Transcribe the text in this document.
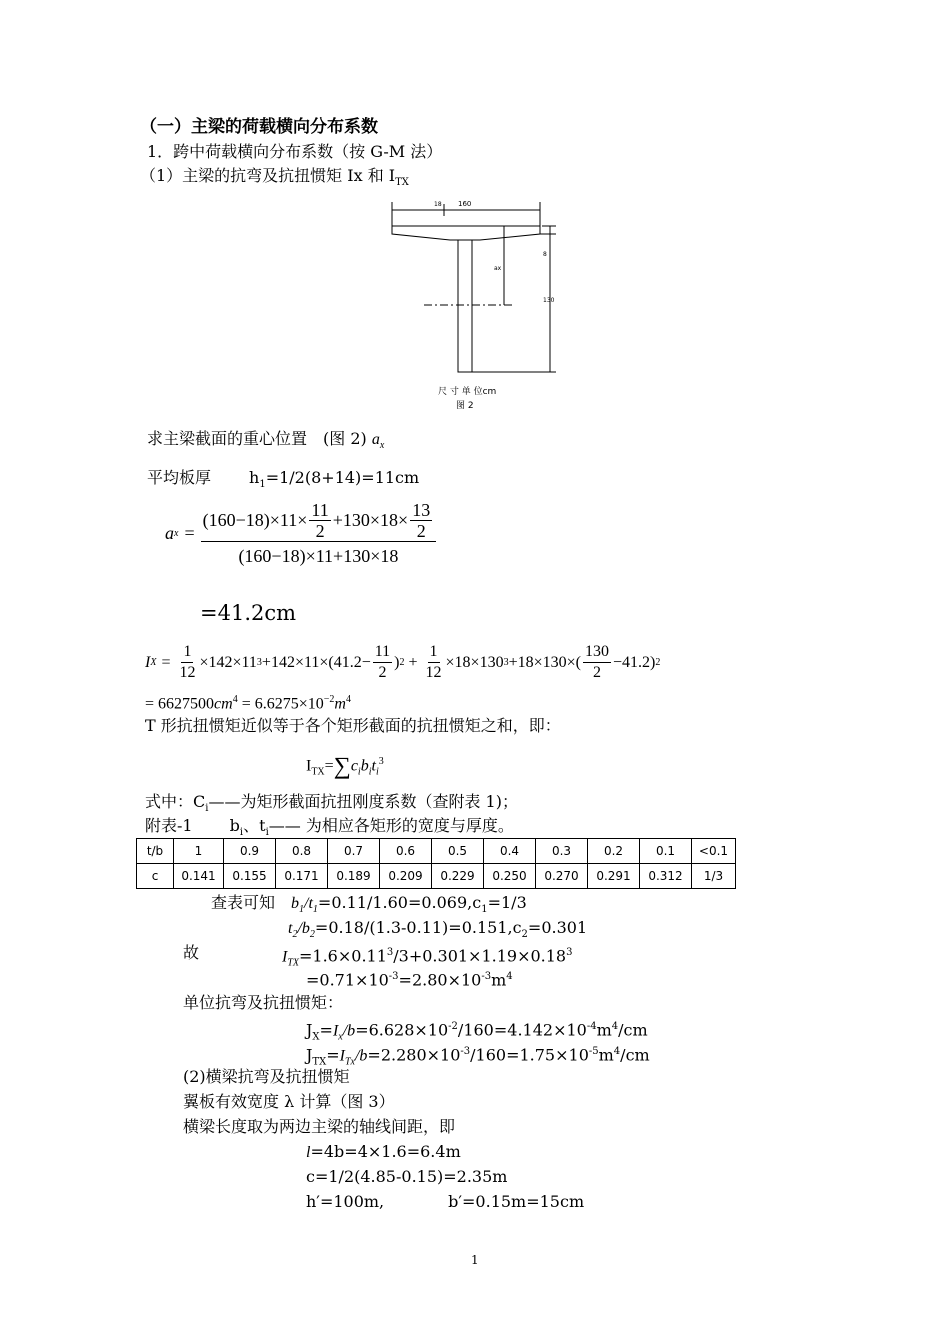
（一）主梁的荷载横向分布系数
1．跨中荷载横向分布系数（按 G-M 法）
（1）主梁的抗弯及抗扭惯矩 Ix 和 $I_{TX}$
160
18
8
ax
130
尺 寸 单 位cm
图 2
求主梁截面的重心位置　(图 2) $a_x$
平均板厚 $h_1=1/2(8+14)=11cm$
a $x = \frac{(160-18)\times 11\times \frac{11}{2} +130\times 18\times \frac{13}{2}}{(160-18)\times 11+130\times 18}$
=41.2cm
I $X = \frac{1}{12} \times 142\times 11$ $3 +142\times 11\times(41.2- \frac{11}{2}$ ) $2 + \frac{1}{12} \times 18\times 130$ $3 +18\times 130\times( \frac{130}{2} -41.2)$ 2
= $6627500cm^4 = 6.6275\times 10^{-2}m^4$
T 形抗扭惯矩近似等于各个矩形截面的抗扭惯矩之和，即：
$I_{TX}=\sum c_ib_it_i^3$
式中：$C_i——$为矩形截面抗扭刚度系数（查附表 1)；
附表-1　　 $b_i$、$t_i——$ 为相应各矩形的宽度与厚度。
t/b	1	0.9	0.8	0.7	0.6	0.5	0.4	0.3	0.2	0.1	<0.1
c	0.141	0.155	0.171	0.189	0.209	0.229	0.250	0.270	0.291	0.312	1/3
查表可知　$b_1/t_1=0.11/1.60=0.069,c_1=1/3$
$t_2/b_2=0.18/(1.3-0.11)=0.151,c_2=0.301$
故	$I_{TX}=1.6\times 0.11^3/3+0.301\times 1.19\times 0.18^3$
$=0.71\times 10^{-3}=2.80\times 10^{-3}m^4$
单位抗弯及抗扭惯矩：
$J_X=I_x/b=6.628\times 10^{-2}/160=4.142\times 10^{-4}m^4/cm$
$J_{TX}=I_{Tx}/b=2.280\times 10^{-3}/160=1.75\times 10^{-5}m^4/cm$
(2)横梁抗弯及抗扭惯矩
翼板有效宽度 λ 计算（图 3）
横梁长度取为两边主梁的轴线间距，即
l=4b=4×1.6=6.4m
c=1/2(4.85-0.15)=2.35m
h′=100m,　　　　b′=0.15m=15cm
1
